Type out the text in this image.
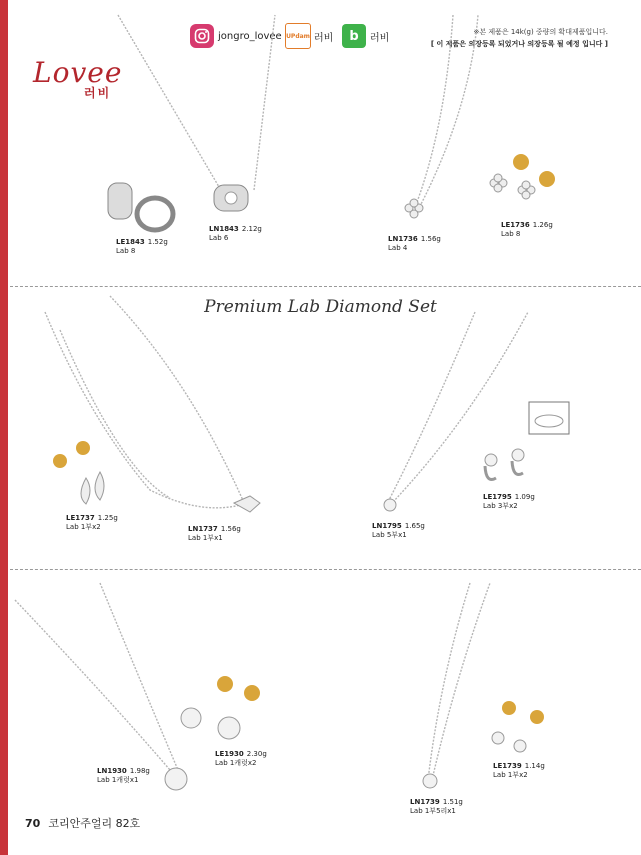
Lovee
러비
jongro_lovee UPdam 러비	b	러비
※본 제품은 14k(g) 중량의 확대제품입니다.
[ 이 제품은 의장등록 되었거나 의장등록 될 예정 입니다 ]
Premium Lab Diamond Set
LE1843 1.52g
Lab 8
LN1843 2.12g
Lab 6	LN1736 1.56g
Lab 4
LE1736 1.26g
Lab 8
LE1737 1.25g
Lab 1부x2	LN1737 1.56g
Lab 1부x1
LN1795 1.65g
Lab 5부x1
LE1795 1.09g
Lab 3부x2
LN1930 1.98g
Lab 1캐럿x1
LE1930 2.30g
Lab 1캐럿x2	LE1739 1.14g
Lab 1부x2
LN1739 1.51g
Lab 1부5리x1
70 코리안주얼리 82호
